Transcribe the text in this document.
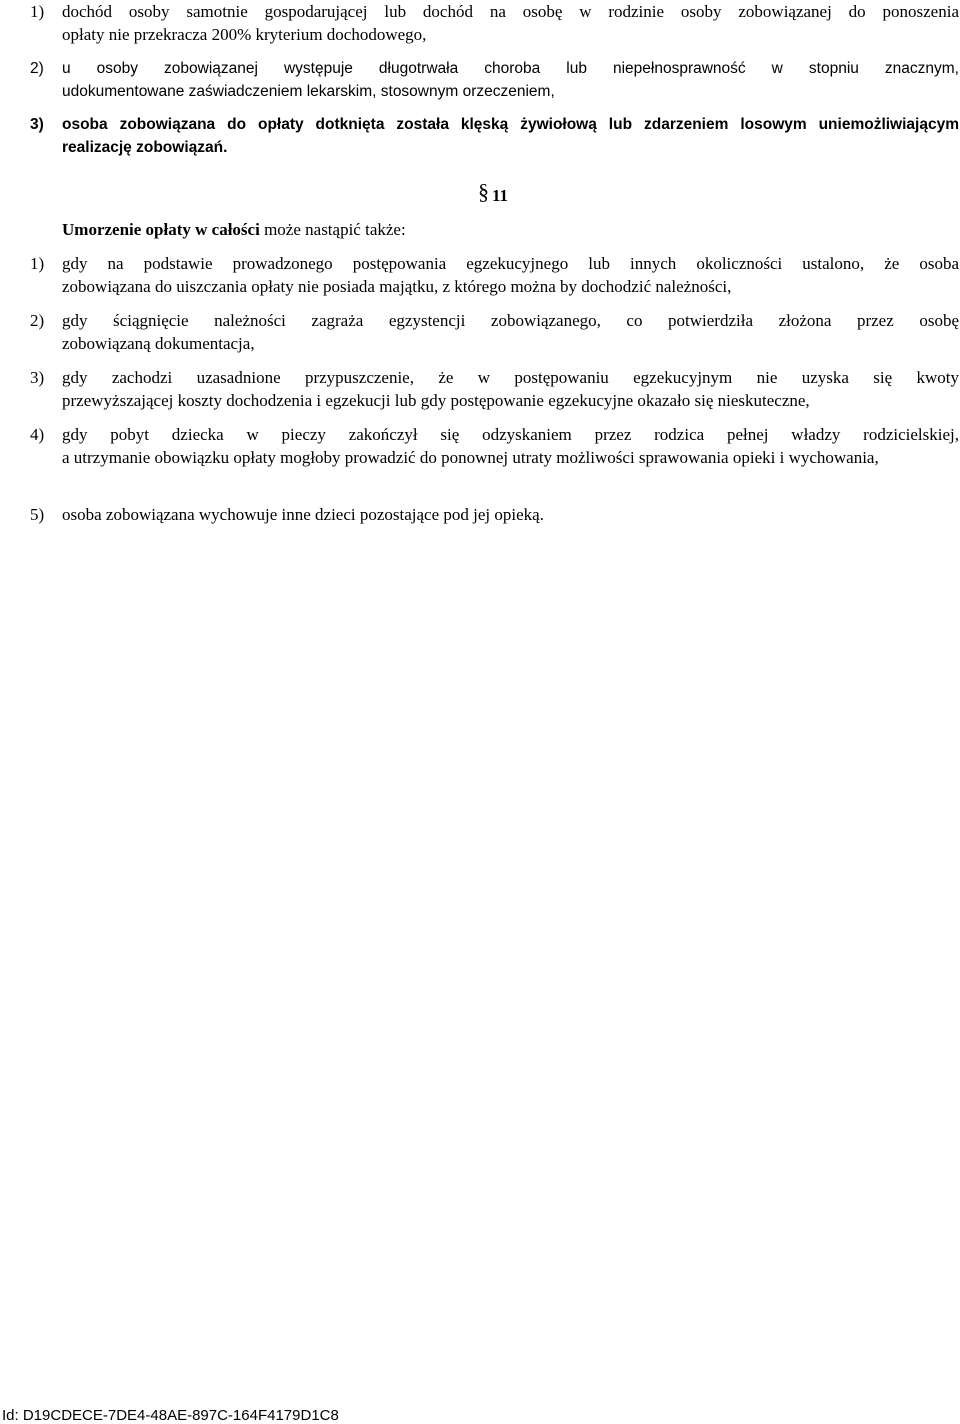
1) dochód osoby samotnie gospodarującej lub dochód na osobę w rodzinie osoby zobowiązanej do ponoszenia
opłaty nie przekracza 200% kryterium dochodowego,
2) u osoby zobowiązanej występuje długotrwała choroba lub niepełnosprawność w stopniu znacznym,
udokumentowane zaświadczeniem lekarskim, stosownym orzeczeniem,
3) osoba zobowiązana do opłaty dotknięta została klęską żywiołową lub zdarzeniem losowym uniemożliwiającym
realizację zobowiązań.
§ 11
Umorzenie opłaty w całości może nastąpić także:
1) gdy na podstawie prowadzonego postępowania egzekucyjnego lub innych okoliczności ustalono, że osoba
zobowiązana do uiszczania opłaty nie posiada majątku, z którego można by dochodzić należności,
2) gdy ściągnięcie należności zagraża egzystencji zobowiązanego, co potwierdziła złożona przez osobę
zobowiązaną dokumentacja,
3) gdy zachodzi uzasadnione przypuszczenie, że w postępowaniu egzekucyjnym nie uzyska się kwoty
przewyższającej koszty dochodzenia i egzekucji lub gdy postępowanie egzekucyjne okazało się nieskuteczne,
4) gdy pobyt dziecka w pieczy zakończył się odzyskaniem przez rodzica pełnej władzy rodzicielskiej,
a utrzymanie obowiązku opłaty mogłoby prowadzić do ponownej utraty możliwości sprawowania opieki i wychowania,
5) osoba zobowiązana wychowuje inne dzieci pozostające pod jej opieką.
Id: D19CDECE-7DE4-48AE-897C-164F4179D1C8
